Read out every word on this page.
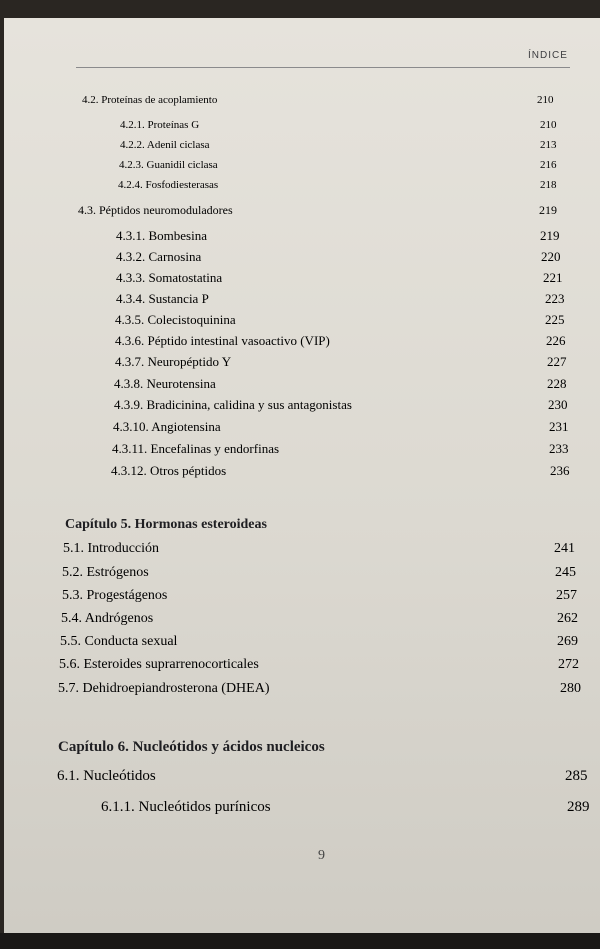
ÍNDICE
4.2. Proteínas de acoplamiento	210
4.2.1. Proteínas G	210
4.2.2. Adenil ciclasa	213
4.2.3. Guanidil ciclasa	216
4.2.4. Fosfodiesterasas	218
4.3. Péptidos neuromoduladores	219
4.3.1. Bombesina	219
4.3.2. Carnosina	220
4.3.3. Somatostatina	221
4.3.4. Sustancia P	223
4.3.5. Colecistoquinina	225
4.3.6. Péptido intestinal vasoactivo (VIP)	226
4.3.7. Neuropéptido Y	227
4.3.8. Neurotensina	228
4.3.9. Bradicinina, calidina y sus antagonistas	230
4.3.10. Angiotensina	231
4.3.11. Encefalinas y endorfinas	233
4.3.12. Otros péptidos	236
Capítulo 5. Hormonas esteroideas
5.1. Introducción	241
5.2. Estrógenos	245
5.3. Progestágenos	257
5.4. Andrógenos	262
5.5. Conducta sexual	269
5.6. Esteroides suprarrenocorticales	272
5.7. Dehidroepiandrosterona (DHEA)	280
Capítulo 6. Nucleótidos y ácidos nucleicos
6.1. Nucleótidos	285
6.1.1. Nucleótidos purínicos	289
9
